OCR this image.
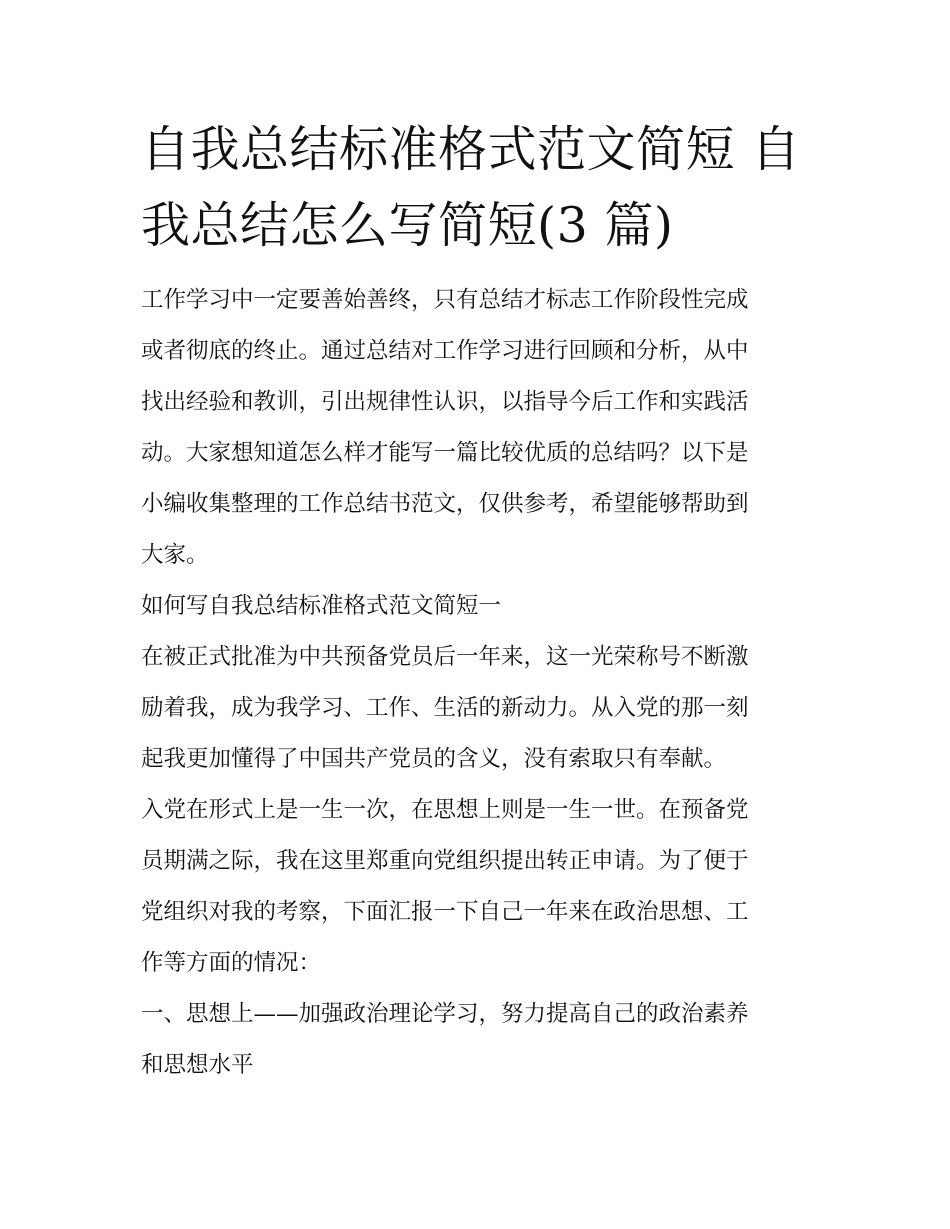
自我总结标准格式范文简短 自
我总结怎么写简短(3 篇)

工作学习中一定要善始善终，只有总结才标志工作阶段性完成
或者彻底的终止。通过总结对工作学习进行回顾和分析，从中
找出经验和教训，引出规律性认识，以指导今后工作和实践活
动。大家想知道怎么样才能写一篇比较优质的总结吗？以下是
小编收集整理的工作总结书范文，仅供参考，希望能够帮助到
大家。

如何写自我总结标准格式范文简短一

在被正式批准为中共预备党员后一年来，这一光荣称号不断激
励着我，成为我学习、工作、生活的新动力。从入党的那一刻
起我更加懂得了中国共产党员的含义，没有索取只有奉献。

入党在形式上是一生一次，在思想上则是一生一世。在预备党
员期满之际，我在这里郑重向党组织提出转正申请。为了便于
党组织对我的考察，下面汇报一下自己一年来在政治思想、工
作等方面的情况：

一、思想上——加强政治理论学习，努力提高自己的政治素养
和思想水平
